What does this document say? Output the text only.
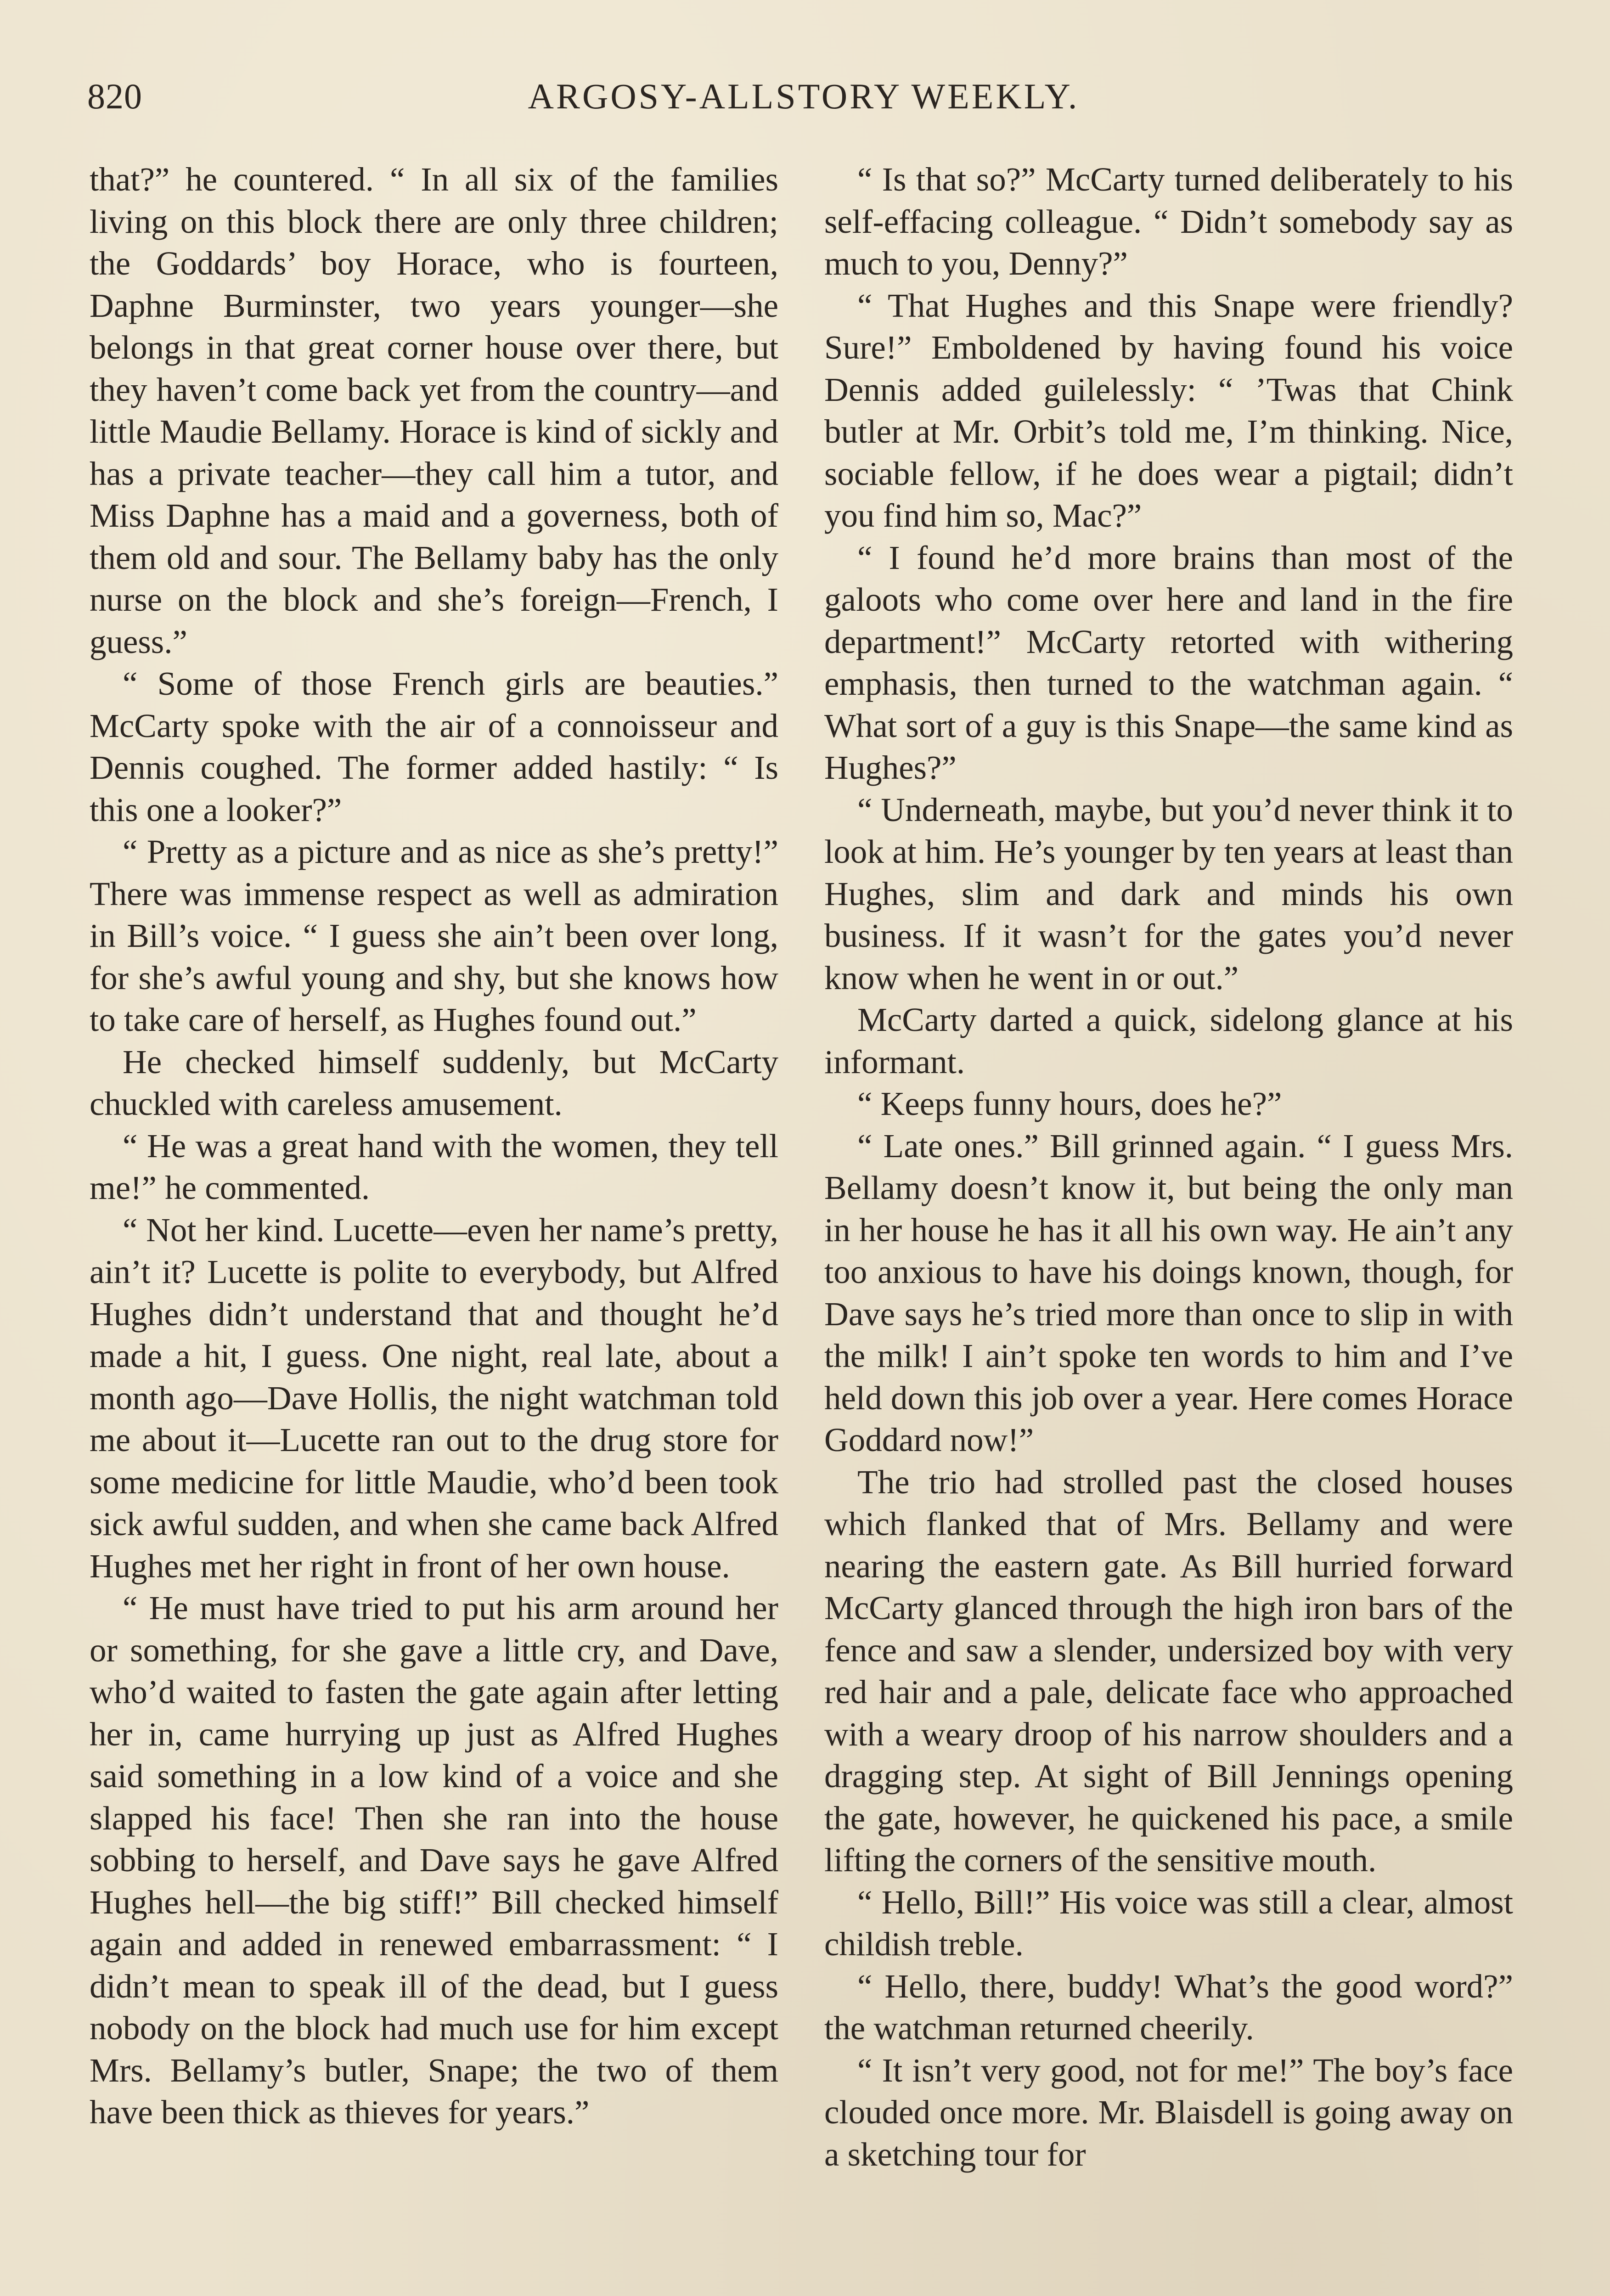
820	ARGOSY-ALLSTORY WEEKLY.

that?” he countered. “ In all six of the families living on this block there are only three children; the Goddards’ boy Horace, who is fourteen, Daphne Burminster, two years younger—she belongs in that great corner house over there, but they haven’t come back yet from the country—and little Maudie Bellamy. Horace is kind of sickly and has a private teacher—they call him a tutor, and Miss Daphne has a maid and a governess, both of them old and sour. The Bellamy baby has the only nurse on the block and she’s foreign—French, I guess.”

“ Some of those French girls are beauties.” McCarty spoke with the air of a connoisseur and Dennis coughed. The former added hastily: “ Is this one a looker?”

“ Pretty as a picture and as nice as she’s pretty!” There was immense respect as well as admiration in Bill’s voice. “ I guess she ain’t been over long, for she’s awful young and shy, but she knows how to take care of herself, as Hughes found out.”

He checked himself suddenly, but McCarty chuckled with careless amusement.

“ He was a great hand with the women, they tell me!” he commented.

“ Not her kind. Lucette—even her name’s pretty, ain’t it? Lucette is polite to everybody, but Alfred Hughes didn’t understand that and thought he’d made a hit, I guess. One night, real late, about a month ago—Dave Hollis, the night watchman told me about it—Lucette ran out to the drug store for some medicine for little Maudie, who’d been took sick awful sudden, and when she came back Alfred Hughes met her right in front of her own house.

“ He must have tried to put his arm around her or something, for she gave a little cry, and Dave, who’d waited to fasten the gate again after letting her in, came hurrying up just as Alfred Hughes said something in a low kind of a voice and she slapped his face! Then she ran into the house sobbing to herself, and Dave says he gave Alfred Hughes hell—the big stiff!” Bill checked himself again and added in renewed embarrassment: “ I didn’t mean to speak ill of the dead, but I guess nobody on the block had much use for him except Mrs. Bellamy’s butler, Snape; the two of them have been thick as thieves for years.”

“ Is that so?” McCarty turned deliberately to his self-effacing colleague. “ Didn’t somebody say as much to you, Denny?”

“ That Hughes and this Snape were friendly? Sure!” Emboldened by having found his voice Dennis added guilelessly: “ ’Twas that Chink butler at Mr. Orbit’s told me, I’m thinking. Nice, sociable fellow, if he does wear a pigtail; didn’t you find him so, Mac?”

“ I found he’d more brains than most of the galoots who come over here and land in the fire department!” McCarty retorted with withering emphasis, then turned to the watchman again. “ What sort of a guy is this Snape—the same kind as Hughes?”

“ Underneath, maybe, but you’d never think it to look at him. He’s younger by ten years at least than Hughes, slim and dark and minds his own business. If it wasn’t for the gates you’d never know when he went in or out.”

McCarty darted a quick, sidelong glance at his informant.

“ Keeps funny hours, does he?”

“ Late ones.” Bill grinned again. “ I guess Mrs. Bellamy doesn’t know it, but being the only man in her house he has it all his own way. He ain’t any too anxious to have his doings known, though, for Dave says he’s tried more than once to slip in with the milk! I ain’t spoke ten words to him and I’ve held down this job over a year. Here comes Horace Goddard now!”

The trio had strolled past the closed houses which flanked that of Mrs. Bellamy and were nearing the eastern gate. As Bill hurried forward McCarty glanced through the high iron bars of the fence and saw a slender, undersized boy with very red hair and a pale, delicate face who approached with a weary droop of his narrow shoulders and a dragging step. At sight of Bill Jennings opening the gate, however, he quickened his pace, a smile lifting the corners of the sensitive mouth.

“ Hello, Bill!” His voice was still a clear, almost childish treble.

“ Hello, there, buddy! What’s the good word?” the watchman returned cheerily.

“ It isn’t very good, not for me!” The boy’s face clouded once more. Mr. Blaisdell is going away on a sketching tour for
